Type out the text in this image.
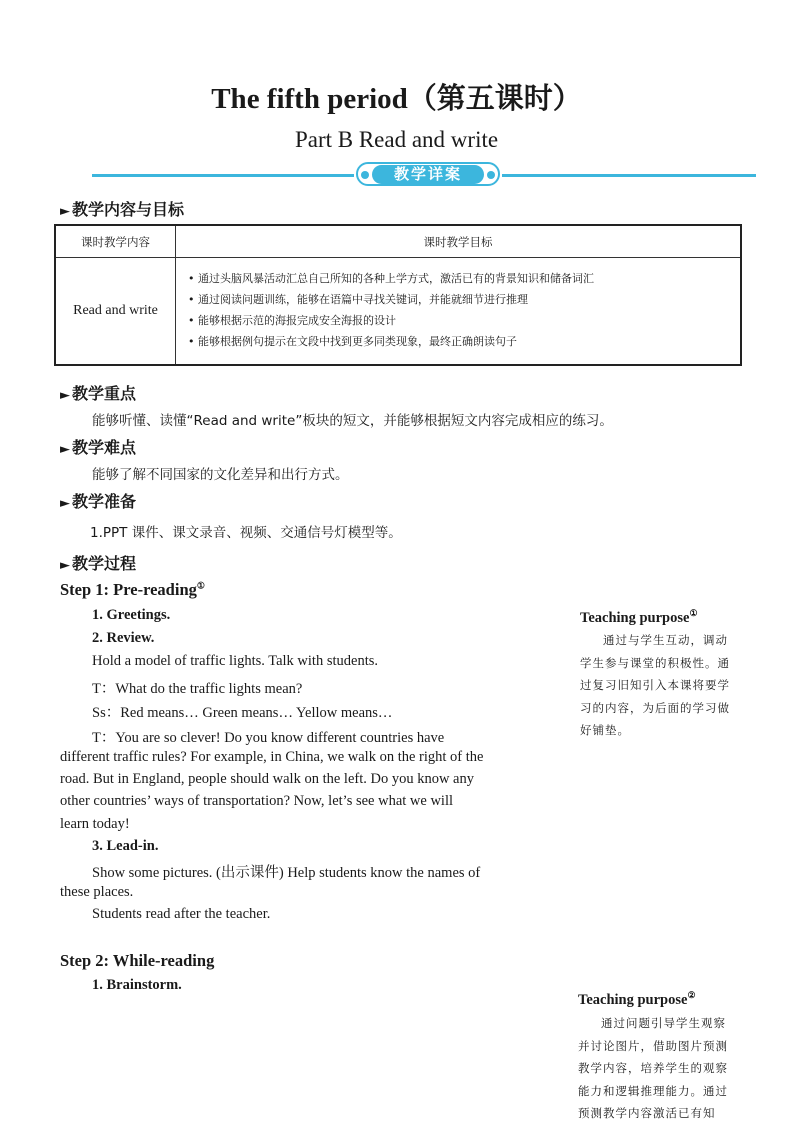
The fifth period（第五课时）
Part B Read and write
教学详案
► 教学内容与目标
课时教学内容	课时教学目标
Read and write	• 通过头脑风暴活动汇总自己所知的各种上学方式，激活已有的背景知识和储备词汇
• 通过阅读问题训练，能够在语篇中寻找关键词，并能就细节进行推理
• 能够根据示范的海报完成安全海报的设计
• 能够根据例句提示在文段中找到更多同类现象，最终正确朗读句子
► 教学重点
能够听懂、读懂“Read and write”板块的短文，并能够根据短文内容完成相应的练习。
► 教学难点
能够了解不同国家的文化差异和出行方式。
► 教学准备
1.PPT 课件、课文录音、视频、交通信号灯模型等。
► 教学过程
Step 1: Pre-reading①
1. Greetings.
2. Review.
Hold a model of traffic lights. Talk with students.
T：What do the traffic lights mean?
Ss：Red means… Green means… Yellow means…
T：You are so clever! Do you know different countries have
different traffic rules? For example, in China, we walk on the right of the
road. But in England, people should walk on the left. Do you know any
other countries’ ways of transportation? Now, let’s see what we will
learn today!
3. Lead-in.
Show some pictures. (出示课件) Help students know the names of
these places.
Students read after the teacher.
Step 2: While-reading
1. Brainstorm.
Teaching purpose①
通过与学生互动，调动
学生参与课堂的积极性。通
过复习旧知引入本课将要学
习的内容，为后面的学习做
好铺垫。
Teaching purpose②
通过问题引导学生观察
并讨论图片，借助图片预测
教学内容，培养学生的观察
能力和逻辑推理能力。通过
预测教学内容激活已有知
